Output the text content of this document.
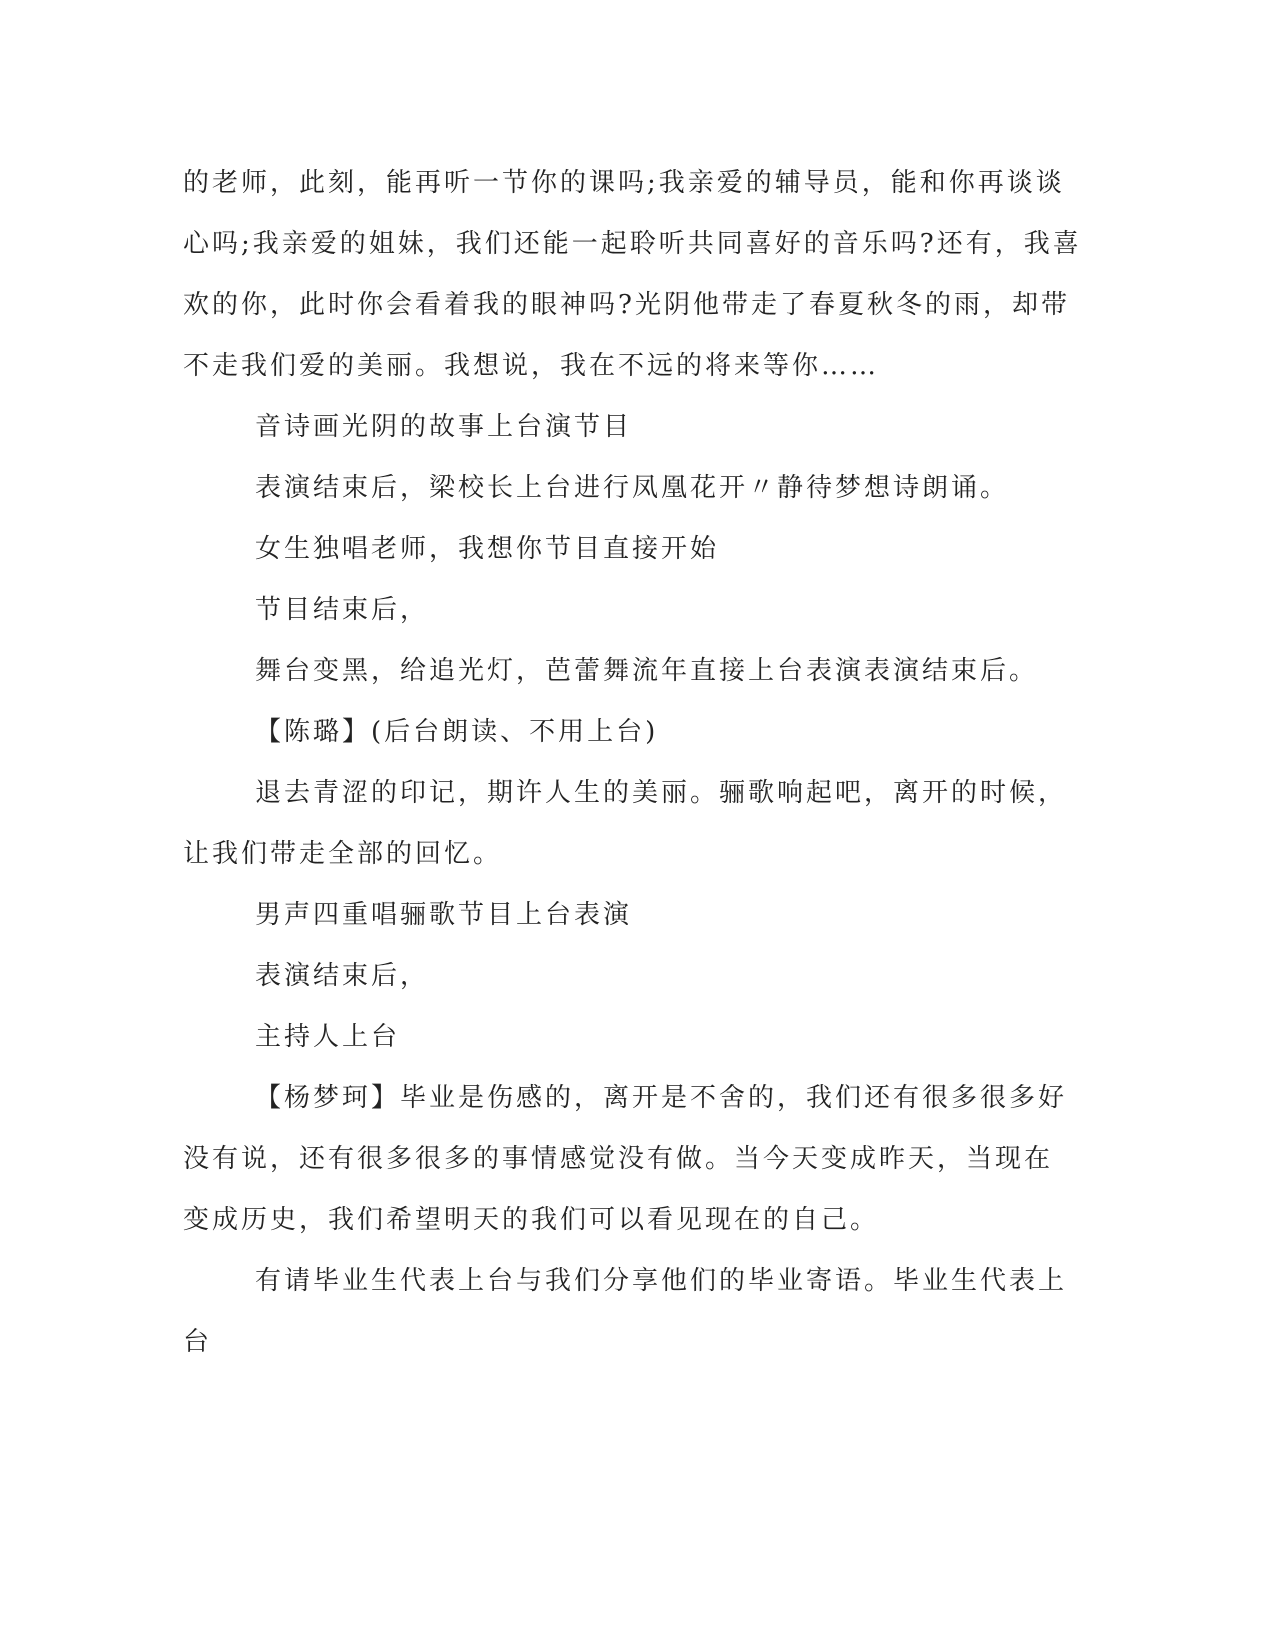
的老师，此刻，能再听一节你的课吗;我亲爱的辅导员，能和你再谈谈
心吗;我亲爱的姐妹，我们还能一起聆听共同喜好的音乐吗?还有，我喜
欢的你，此时你会看着我的眼神吗?光阴他带走了春夏秋冬的雨，却带
不走我们爱的美丽。我想说，我在不远的将来等你……
音诗画光阴的故事上台演节目
表演结束后，梁校长上台进行凤凰花开〃静待梦想诗朗诵。
女生独唱老师，我想你节目直接开始
节目结束后，
舞台变黑，给追光灯，芭蕾舞流年直接上台表演表演结束后。
【陈璐】(后台朗读、不用上台)
退去青涩的印记，期许人生的美丽。骊歌响起吧，离开的时候，
让我们带走全部的回忆。
男声四重唱骊歌节目上台表演
表演结束后，
主持人上台
【杨梦珂】毕业是伤感的，离开是不舍的，我们还有很多很多好
没有说，还有很多很多的事情感觉没有做。当今天变成昨天，当现在
变成历史，我们希望明天的我们可以看见现在的自己。
有请毕业生代表上台与我们分享他们的毕业寄语。毕业生代表上
台
